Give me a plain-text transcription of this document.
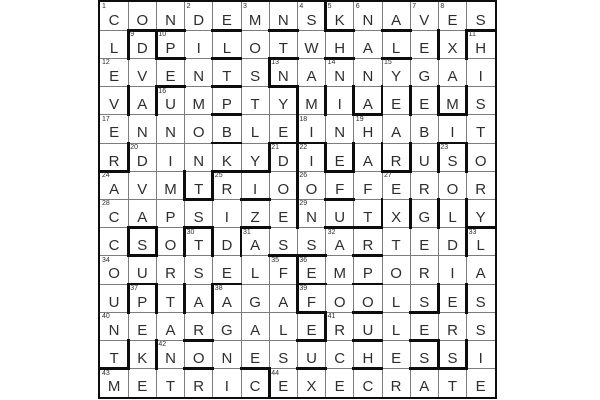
1
C O N
2
D E
3
M N
4
S
5
K
6
N A
7
V
8
E S
L
9
D
10
P I L O T W H A L E X
11
H
12
E V E N T S
13
N A
14
N N
15
Y G A I
V A
16
U M P T Y M I A E E M S
17
E N N O B L E
18
I N
19
H A B I T
R
20
D I N K Y
21
D
22
I E A R U
23
S O
24
A V M T
25
R I O
26
O F F
27
E R O R
28
C A P S I Z E
29
N U T X G L Y
C S O
30
T D
31
A S S
32
A R T E D
33
L
34
O U R S E L
35
F
36
E M P O R I A
U
37
P T A
38
A G A
39
F O O L S E S
40
N E A R G A L E
41
R U L E R S
T K
42
N O N E S U C H E S S I
43
M E T R I C
44
E X E C R A T E
